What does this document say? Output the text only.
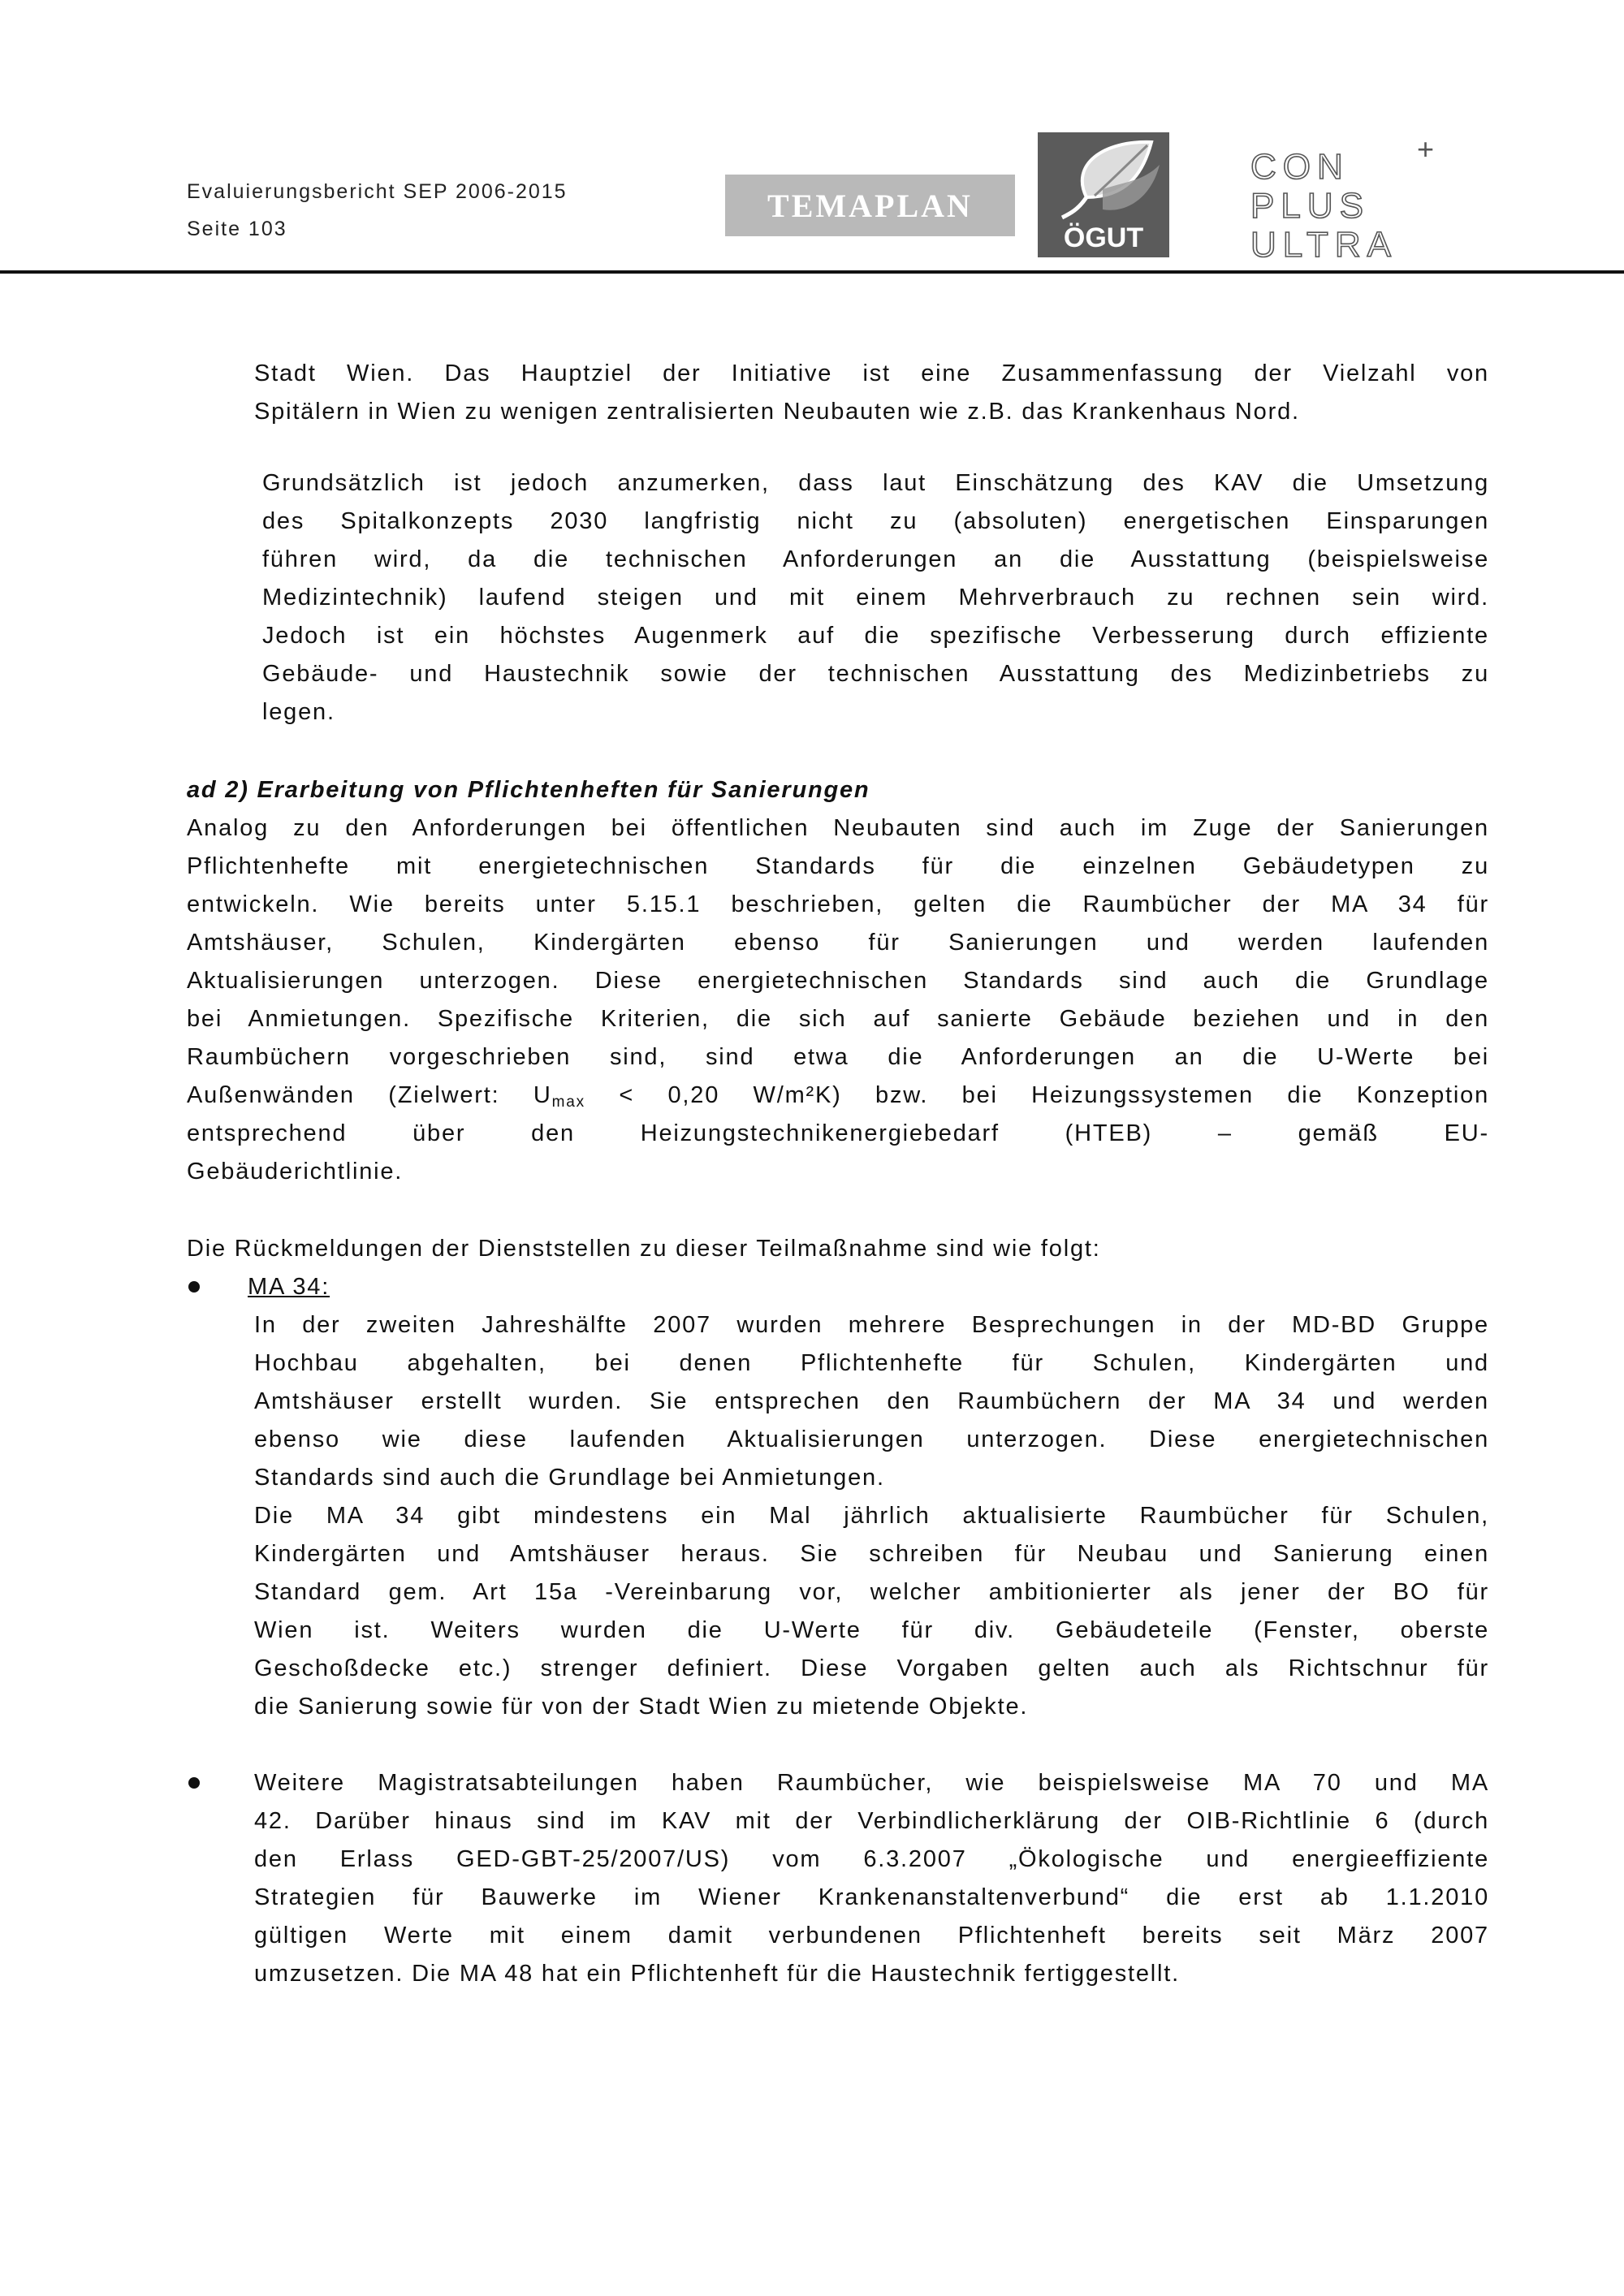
Evaluierungsbericht SEP 2006-2015
Seite 103
TEMAPLAN
ÖGUT
CON
PLUS
ULTRA
+
Stadt Wien. Das Hauptziel der Initiative ist eine Zusammenfassung der Vielzahl von
Spitälern in Wien zu wenigen zentralisierten Neubauten wie z.B. das Krankenhaus Nord.
Grundsätzlich ist jedoch anzumerken, dass laut Einschätzung des KAV die Umsetzung
des Spitalkonzepts 2030 langfristig nicht zu (absoluten) energetischen Einsparungen
führen wird, da die technischen Anforderungen an die Ausstattung (beispielsweise
Medizintechnik) laufend steigen und mit einem Mehrverbrauch zu rechnen sein wird.
Jedoch ist ein höchstes Augenmerk auf die spezifische Verbesserung durch effiziente
Gebäude- und Haustechnik sowie der technischen Ausstattung des Medizinbetriebs zu
legen.
ad 2) Erarbeitung von Pflichtenheften für Sanierungen
Analog zu den Anforderungen bei öffentlichen Neubauten sind auch im Zuge der Sanierungen
Pflichtenhefte mit energietechnischen Standards für die einzelnen Gebäudetypen zu
entwickeln. Wie bereits unter 5.15.1 beschrieben, gelten die Raumbücher der MA 34 für
Amtshäuser, Schulen, Kindergärten ebenso für Sanierungen und werden laufenden
Aktualisierungen unterzogen. Diese energietechnischen Standards sind auch die Grundlage
bei Anmietungen. Spezifische Kriterien, die sich auf sanierte Gebäude beziehen und in den
Raumbüchern vorgeschrieben sind, sind etwa die Anforderungen an die U-Werte bei
Außenwänden (Zielwert: $U_{max} < 0,20$ W/m²K) bzw. bei Heizungssystemen die Konzeption
entsprechend über den Heizungstechnikenergiebedarf (HTEB) – gemäß EU-
Gebäuderichtlinie.
Die Rückmeldungen der Dienststellen zu dieser Teilmaßnahme sind wie folgt:
MA 34:
In der zweiten Jahreshälfte 2007 wurden mehrere Besprechungen in der MD-BD Gruppe
Hochbau abgehalten, bei denen Pflichtenhefte für Schulen, Kindergärten und
Amtshäuser erstellt wurden. Sie entsprechen den Raumbüchern der MA 34 und werden
ebenso wie diese laufenden Aktualisierungen unterzogen. Diese energietechnischen
Standards sind auch die Grundlage bei Anmietungen.
Die MA 34 gibt mindestens ein Mal jährlich aktualisierte Raumbücher für Schulen,
Kindergärten und Amtshäuser heraus. Sie schreiben für Neubau und Sanierung einen
Standard gem. Art 15a -Vereinbarung vor, welcher ambitionierter als jener der BO für
Wien ist. Weiters wurden die U-Werte für div. Gebäudeteile (Fenster, oberste
Geschoßdecke etc.) strenger definiert. Diese Vorgaben gelten auch als Richtschnur für
die Sanierung sowie für von der Stadt Wien zu mietende Objekte.
Weitere Magistratsabteilungen haben Raumbücher, wie beispielsweise MA 70 und MA
42. Darüber hinaus sind im KAV mit der Verbindlicherklärung der OIB-Richtlinie 6 (durch
den Erlass GED-GBT-25/2007/US) vom 6.3.2007 „Ökologische und energieeffiziente
Strategien für Bauwerke im Wiener Krankenanstaltenverbund“ die erst ab 1.1.2010
gültigen Werte mit einem damit verbundenen Pflichtenheft bereits seit März 2007
umzusetzen. Die MA 48 hat ein Pflichtenheft für die Haustechnik fertiggestellt.
